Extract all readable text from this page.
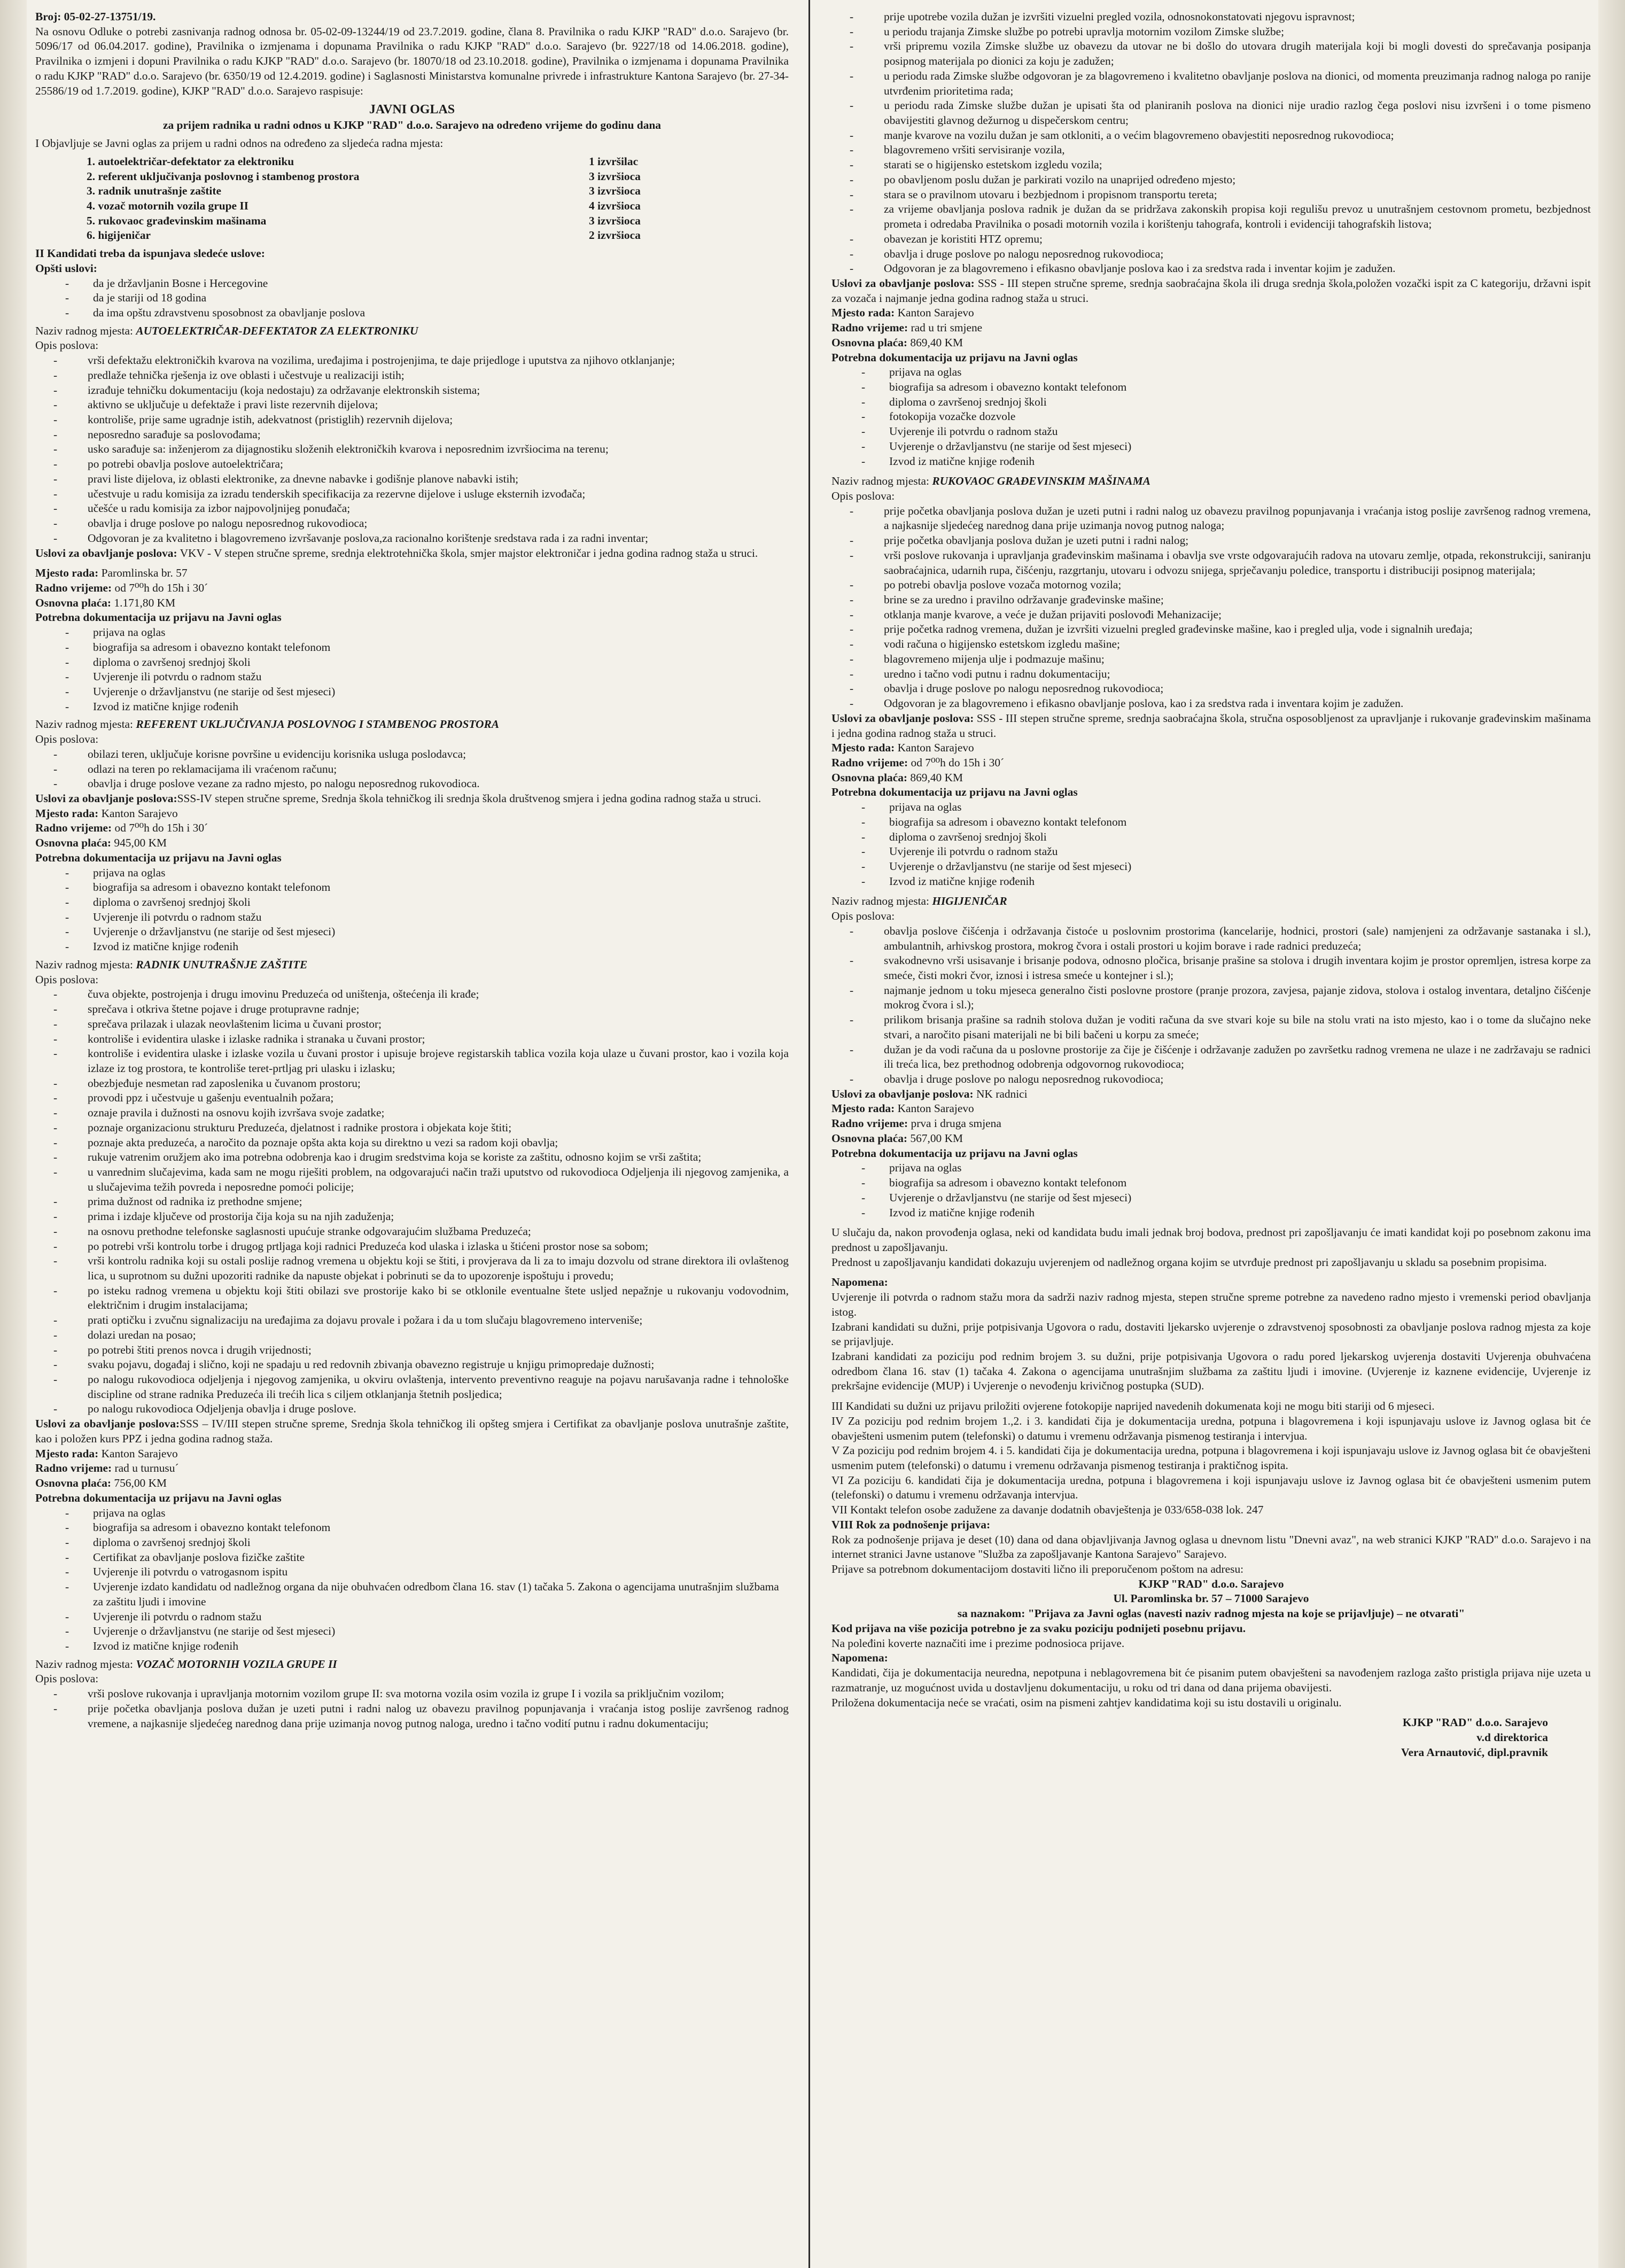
Broj: 05-02-27-13751/19.

Na osnovu Odluke o potrebi zasnivanja radnog odnosa br. 05-02-09-13244/19 od 23.7.2019. godine, člana 8. Pravilnika o radu KJKP "RAD" d.o.o. Sarajevo (br. 5096/17 od 06.04.2017. godine), Pravilnika o izmjenama i dopunama Pravilnika o radu KJKP "RAD" d.o.o. Sarajevo (br. 9227/18 od 14.06.2018. godine), Pravilnika o izmjeni i dopuni Pravilnika o radu KJKP "RAD" d.o.o. Sarajevo (br. 18070/18 od 23.10.2018. godine), Pravilnika o izmjenama i dopunama Pravilnika o radu KJKP "RAD" d.o.o. Sarajevo (br. 6350/19 od 12.4.2019. godine) i Saglasnosti Ministarstva komunalne privrede i infrastrukture Kantona Sarajevo (br. 27-34-25586/19 od 1.7.2019. godine), KJKP "RAD" d.o.o. Sarajevo raspisuje:

JAVNI OGLAS

za prijem radnika u radni odnos u KJKP "RAD" d.o.o. Sarajevo na određeno vrijeme do godinu dana

I Objavljuje se Javni oglas za prijem u radni odnos na određeno za sljedeća radna mjesta:

1. autoelektričar-defektator za elektroniku	1 izvršilac
2. referent uključivanja poslovnog i stambenog prostora	3 izvršioca
3. radnik unutrašnje zaštite	3 izvršioca
4. vozač motornih vozila grupe II	4 izvršioca
5. rukovaoc građevinskim mašinama	3 izvršioca
6. higijeničar	2 izvršioca

II Kandidati treba da ispunjava sledeće uslove:

Opšti uslovi:

- da je državljanin Bosne i Hercegovine
- da je stariji od 18 godina
- da ima opštu zdravstvenu sposobnost za obavljanje poslova

Naziv radnog mjesta: AUTOELEKTRIČAR-DEFEKTATOR ZA ELEKTRONIKU

Opis poslova:

- vrši defektažu elektroničkih kvarova na vozilima, uređajima i postrojenjima, te daje prijedloge i uputstva za njihovo otklanjanje;
- predlaže tehnička rješenja iz ove oblasti i učestvuje u realizaciji istih;
- izrađuje tehničku dokumentaciju (koja nedostaju) za održavanje elektronskih sistema;
- aktivno se uključuje u defektaže i pravi liste rezervnih dijelova;
- kontroliše, prije same ugradnje istih, adekvatnost (pristiglih) rezervnih dijelova;
- neposredno sarađuje sa poslovođama;
- usko sarađuje sa: inženjerom za dijagnostiku složenih elektroničkih kvarova i neposrednim izvršiocima na terenu;
- po potrebi obavlja poslove autoelektričara;
- pravi liste dijelova, iz oblasti elektronike, za dnevne nabavke i godišnje planove nabavki istih;
- učestvuje u radu komisija za izradu tenderskih specifikacija za rezervne dijelove i usluge eksternih izvođača;
- učešće u radu komisija za izbor najpovoljnijeg ponuđača;
- obavlja i druge poslove po nalogu neposrednog rukovodioca;
- Odgovoran je za kvalitetno i blagovremeno izvršavanje poslova,za racionalno korištenje sredstava rada i za radni inventar;

Uslovi za obavljanje poslova: VKV - V stepen stručne spreme, srednja elektrotehnička škola, smjer majstor elektroničar i jedna godina radnog staža u struci.

Mjesto rada: Paromlinska br. 57

Radno vrijeme: od 7⁰⁰h do 15h i 30´

Osnovna plaća: 1.171,80 KM

Potrebna dokumentacija uz prijavu na Javni oglas

- prijava na oglas
- biografija sa adresom i obavezno kontakt telefonom
- diploma o završenoj srednjoj školi
- Uvjerenje ili potvrdu o radnom stažu
- Uvjerenje o državljanstvu (ne starije od šest mjeseci)
- Izvod iz matične knjige rođenih

Naziv radnog mjesta: REFERENT UKLJUČIVANJA POSLOVNOG I STAMBENOG PROSTORA

Opis poslova:

- obilazi teren, uključuje korisne površine u evidenciju korisnika usluga poslodavca;
- odlazi na teren po reklamacijama ili vraćenom računu;
- obavlja i druge poslove vezane za radno mjesto, po nalogu neposrednog rukovodioca.

Uslovi za obavljanje poslova:SSS-IV stepen stručne spreme, Srednja škola tehničkog ili srednja škola društvenog smjera i jedna godina radnog staža u struci.

Mjesto rada: Kanton Sarajevo

Radno vrijeme: od 7⁰⁰h do 15h i 30´

Osnovna plaća: 945,00 KM

Potrebna dokumentacija uz prijavu na Javni oglas

- prijava na oglas
- biografija sa adresom i obavezno kontakt telefonom
- diploma o završenoj srednjoj školi
- Uvjerenje ili potvrdu o radnom stažu
- Uvjerenje o državljanstvu (ne starije od šest mjeseci)
- Izvod iz matične knjige rođenih

Naziv radnog mjesta: RADNIK UNUTRAŠNJE ZAŠTITE

Opis poslova:

- čuva objekte, postrojenja i drugu imovinu Preduzeća od uništenja, oštećenja ili krađe;
- sprečava i otkriva štetne pojave i druge protupravne radnje;
- sprečava prilazak i ulazak neovlaštenim licima u čuvani prostor;
- kontroliše i evidentira ulaske i izlaske radnika i stranaka u čuvani prostor;
- kontroliše i evidentira ulaske i izlaske vozila u čuvani prostor i upisuje brojeve registarskih tablica vozila koja ulaze u čuvani prostor, kao i vozila koja izlaze iz tog prostora, te kontroliše teret-prtljag pri ulasku i izlasku;
- obezbjeđuje nesmetan rad zaposlenika u čuvanom prostoru;
- provodi ppz i učestvuje u gašenju eventualnih požara;
- oznaje pravila i dužnosti na osnovu kojih izvršava svoje zadatke;
- poznaje organizacionu strukturu Preduzeća, djelatnost i radnike prostora i objekata koje štiti;
- poznaje akta preduzeća, a naročito da poznaje opšta akta koja su direktno u vezi sa radom koji obavlja;
- rukuje vatrenim oružjem ako ima potrebna odobrenja kao i drugim sredstvima koja se koriste za zaštitu, odnosno kojim se vrši zaštita;
- u vanrednim slučajevima, kada sam ne mogu riješiti problem, na odgovarajući način traži uputstvo od rukovodioca Odjeljenja ili njegovog zamjenika, a u slučajevima težih povreda i neposredne pomoći policije;
- prima dužnost od radnika iz prethodne smjene;
- prima i izdaje ključeve od prostorija čija koja su na njih zaduženja;
- na osnovu prethodne telefonske saglasnosti upućuje stranke odgovarajućim službama Preduzeća;
- po potrebi vrši kontrolu torbe i drugog prtljaga koji radnici Preduzeća kod ulaska i izlaska u štićeni prostor nose sa sobom;
- vrši kontrolu radnika koji su ostali poslije radnog vremena u objektu koji se štiti, i provjerava da li za to imaju dozvolu od strane direktora ili ovlaštenog lica, u suprotnom su dužni upozoriti radnike da napuste objekat i pobrinuti se da to upozorenje ispoštuju i provedu;
- po isteku radnog vremena u objektu koji štiti obilazi sve prostorije kako bi se otklonile eventualne štete usljed nepažnje u rukovanju vodovodnim, električnim i drugim instalacijama;
- prati optičku i zvučnu signalizaciju na uređajima za dojavu provale i požara i da u tom slučaju blagovremeno interveniše;
- dolazi uredan na posao;
- po potrebi štiti prenos novca i drugih vrijednosti;
- svaku pojavu, događaj i slično, koji ne spadaju u red redovnih zbivanja obavezno registruje u knjigu primopredaje dužnosti;
- po nalogu rukovodioca odjeljenja i njegovog zamjenika, u okviru ovlaštenja, intervento preventivno reaguje na pojavu narušavanja radne i tehnološke discipline od strane radnika Preduzeća ili trećih lica s ciljem otklanjanja štetnih posljedica;
- po nalogu rukovodioca Odjeljenja obavlja i druge poslove.

Uslovi za obavljanje poslova:SSS – IV/III stepen stručne spreme, Srednja škola tehničkog ili opšteg smjera i Certifikat za obavljanje poslova unutrašnje zaštite, kao i položen kurs PPZ i jedna godina radnog staža.

Mjesto rada: Kanton Sarajevo

Radno vrijeme: rad u turnusu´

Osnovna plaća: 756,00 KM

Potrebna dokumentacija uz prijavu na Javni oglas

- prijava na oglas
- biografija sa adresom i obavezno kontakt telefonom
- diploma o završenoj srednjoj školi
- Certifikat za obavljanje poslova fizičke zaštite
- Uvjerenje ili potvrdu o vatrogasnom ispitu
- Uvjerenje izdato kandidatu od nadležnog organa da nije obuhvaćen odredbom člana 16. stav (1) tačaka 5. Zakona o agencijama unutrašnjim službama za zaštitu ljudi i imovine
- Uvjerenje ili potvrdu o radnom stažu
- Uvjerenje o državljanstvu (ne starije od šest mjeseci)
- Izvod iz matične knjige rođenih

Naziv radnog mjesta: VOZAČ MOTORNIH VOZILA GRUPE II

Opis poslova:

- vrši poslove rukovanja i upravljanja motornim vozilom grupe II: sva motorna vozila osim vozila iz grupe I i vozila sa priključnim vozilom;
- prije početka obavljanja poslova dužan je uzeti putni i radni nalog uz obavezu pravilnog popunjavanja i vraćanja istog poslije završenog radnog vremene, a najkasnije sljedećeg narednog dana prije uzimanja novog putnog naloga, uredno i tačno vodití putnu i radnu dokumentaciju;
- prije upotrebe vozila dužan je izvršiti vizuelni pregled vozila, odnosnokonstatovati njegovu ispravnost;
- u periodu trajanja Zimske službe po potrebi upravlja motornim vozilom Zimske službe;
- vrši pripremu vozila Zimske službe uz obavezu da utovar ne bi došlo do utovara drugih materijala koji bi mogli dovesti do sprečavanja posipanja posipnog materijala po dionici za koju je zadužen;
- u periodu rada Zimske službe odgovoran je za blagovremeno i kvalitetno obavljanje poslova na dionici, od momenta preuzimanja radnog naloga po ranije utvrđenim prioritetima rada;
- u periodu rada Zimske službe dužan je upisati šta od planiranih poslova na dionici nije uradio razlog čega poslovi nisu izvršeni i o tome pismeno obavijestiti glavnog dežurnog u dispečerskom centru;
- manje kvarove na vozilu dužan je sam otkloniti, a o većim blagovremeno obavjestiti neposrednog rukovodioca;
- blagovremeno vršiti servisiranje vozila,
- starati se o higijensko estetskom izgledu vozila;
- po obavljenom poslu dužan je parkirati vozilo na unaprijed određeno mjesto;
- stara se o pravilnom utovaru i bezbjednom i propisnom transportu tereta;
- za vrijeme obavljanja poslova radnik je dužan da se pridržava zakonskih propisa koji regulišu prevoz u unutrašnjem cestovnom prometu, bezbjednost prometa i odredaba Pravilnika o posadi motornih vozila i korištenju tahografa, kontroli i evidenciji tahografskih listova;
- obavezan je koristiti HTZ opremu;
- obavlja i druge poslove po nalogu neposrednog rukovodioca;
- Odgovoran je za blagovremeno i efikasno obavljanje poslova kao i za sredstva rada i inventar kojim je zadužen.

Uslovi za obavljanje poslova: SSS - III stepen stručne spreme, srednja saobraćajna škola ili druga srednja škola,položen vozački ispit za C kategoriju, državni ispit za vozača i najmanje jedna godina radnog staža u struci.

Mjesto rada: Kanton Sarajevo

Radno vrijeme: rad u tri smjene

Osnovna plaća: 869,40 KM

Potrebna dokumentacija uz prijavu na Javni oglas

- prijava na oglas
- biografija sa adresom i obavezno kontakt telefonom
- diploma o završenoj srednjoj školi
- fotokopija vozačke dozvole
- Uvjerenje ili potvrdu o radnom stažu
- Uvjerenje o državljanstvu (ne starije od šest mjeseci)
- Izvod iz matične knjige rođenih

Naziv radnog mjesta: RUKOVAOC GRAĐEVINSKIM MAŠINAMA

Opis poslova:

- prije početka obavljanja poslova dužan je uzeti putni i radni nalog uz obavezu pravilnog popunjavanja i vraćanja istog poslije završenog radnog vremena, a najkasnije sljedećeg narednog dana prije uzimanja novog putnog naloga;
- prije početka obavljanja poslova dužan je uzeti putni i radni nalog;
- vrši poslove rukovanja i upravljanja građevinskim mašinama i obavlja sve vrste odgovarajućih radova na utovaru zemlje, otpada, rekonstrukciji, saniranju saobraćajnica, udarnih rupa, čišćenju, razgrtanju, utovaru i odvozu snijega, sprječavanju poledice, transportu i distribuciji posipnog materijala;
- po potrebi obavlja poslove vozača motornog vozila;
- brine se za uredno i pravilno održavanje građevinske mašine;
- otklanja manje kvarove, a veće je dužan prijaviti poslovođi Mehanizacije;
- prije početka radnog vremena, dužan je izvršiti vizuelni pregled građevinske mašine, kao i pregled ulja, vode i signalnih uređaja;
- vodi računa o higijensko estetskom izgledu mašine;
- blagovremeno mijenja ulje i podmazuje mašinu;
- uredno i tačno vodi putnu i radnu dokumentaciju;
- obavlja i druge poslove po nalogu neposrednog rukovodioca;
- Odgovoran je za blagovremeno i efikasno obavljanje poslova, kao i za sredstva rada i inventara kojim je zadužen.

Uslovi za obavljanje poslova: SSS - III stepen stručne spreme, srednja saobraćajna škola, stručna osposobljenost za upravljanje i rukovanje građevinskim mašinama i jedna godina radnog staža u struci.

Mjesto rada: Kanton Sarajevo

Radno vrijeme: od 7⁰⁰h do 15h i 30´

Osnovna plaća: 869,40 KM

Potrebna dokumentacija uz prijavu na Javni oglas

- prijava na oglas
- biografija sa adresom i obavezno kontakt telefonom
- diploma o završenoj srednjoj školi
- Uvjerenje ili potvrdu o radnom stažu
- Uvjerenje o državljanstvu (ne starije od šest mjeseci)
- Izvod iz matične knjige rođenih

Naziv radnog mjesta: HIGIJENIČAR

Opis poslova:

- obavlja poslove čišćenja i održavanja čistoće u poslovnim prostorima (kancelarije, hodnici, prostori (sale) namjenjeni za održavanje sastanaka i sl.), ambulantnih, arhivskog prostora, mokrog čvora i ostali prostori u kojim borave i rade radnici preduzeća;
- svakodnevno vrši usisavanje i brisanje podova, odnosno pločica, brisanje prašine sa stolova i drugih inventara kojim je prostor opremljen, istresa korpe za smeće, čisti mokri čvor, iznosi i istresa smeće u kontejner i sl.);
- najmanje jednom u toku mjeseca generalno čisti poslovne prostore (pranje prozora, zavjesa, pajanje zidova, stolova i ostalog inventara, detaljno čišćenje mokrog čvora i sl.);
- prilikom brisanja prašine sa radnih stolova dužan je voditi računa da sve stvari koje su bile na stolu vrati na isto mjesto, kao i o tome da slučajno neke stvari, a naročito pisani materijali ne bi bili bačeni u korpu za smeće;
- dužan je da vodi računa da u poslovne prostorije za čije je čišćenje i održavanje zadužen po završetku radnog vremena ne ulaze i ne zadržavaju se radnici ili treća lica, bez prethodnog odobrenja odgovornog rukovodioca;
- obavlja i druge poslove po nalogu neposrednog rukovodioca;

Uslovi za obavljanje poslova: NK radnici

Mjesto rada: Kanton Sarajevo

Radno vrijeme: prva i druga smjena

Osnovna plaća: 567,00 KM

Potrebna dokumentacija uz prijavu na Javni oglas

- prijava na oglas
- biografija sa adresom i obavezno kontakt telefonom
- Uvjerenje o državljanstvu (ne starije od šest mjeseci)
- Izvod iz matične knjige rođenih

U slučaju da, nakon provođenja oglasa, neki od kandidata budu imali jednak broj bodova, prednost pri zapošljavanju će imati kandidat koji po posebnom zakonu ima prednost u zapošljavanju.

Prednost u zapošljavanju kandidati dokazuju uvjerenjem od nadležnog organa kojim se utvrđuje prednost pri zapošljavanju u skladu sa posebnim propisima.

Napomena:

Uvjerenje ili potvrda o radnom stažu mora da sadrži naziv radnog mjesta, stepen stručne spreme potrebne za navedeno radno mjesto i vremenski period obavljanja istog.

Izabrani kandidati su dužni, prije potpisivanja Ugovora o radu, dostaviti ljekarsko uvjerenje o zdravstvenoj sposobnosti za obavljanje poslova radnog mjesta za koje se prijavljuje.

Izabrani kandidati za poziciju pod rednim brojem 3. su dužni, prije potpisivanja Ugovora o radu pored ljekarskog uvjerenja dostaviti Uvjerenja obuhvaćena odredbom člana 16. stav (1) tačaka 4. Zakona o agencijama unutrašnjim službama za zaštitu ljudi i imovine. (Uvjerenje iz kaznene evidencije, Uvjerenje iz prekršajne evidencije (MUP) i Uvjerenje o nevođenju krivičnog postupka (SUD).

III Kandidati su dužni uz prijavu priložiti ovjerene fotokopije naprijed navedenih dokumenata koji ne mogu biti stariji od 6 mjeseci.

IV Za poziciju pod rednim brojem 1.,2. i 3. kandidati čija je dokumentacija uredna, potpuna i blagovremena i koji ispunjavaju uslove iz Javnog oglasa bit će obavješteni usmenim putem (telefonski) o datumu i vremenu održavanja pismenog testiranja i intervjua.

V Za poziciju pod rednim brojem 4. i 5. kandidati čija je dokumentacija uredna, potpuna i blagovremena i koji ispunjavaju uslove iz Javnog oglasa bit će obavješteni usmenim putem (telefonski) o datumu i vremenu održavanja pismenog testiranja i praktičnog ispita.

VI Za poziciju 6. kandidati čija je dokumentacija uredna, potpuna i blagovremena i koji ispunjavaju uslove iz Javnog oglasa bit će obavješteni usmenim putem (telefonski) o datumu i vremenu održavanja intervjua.

VII Kontakt telefon osobe zadužene za davanje dodatnih obavještenja je 033/658-038 lok. 247

VIII Rok za podnošenje prijava:

Rok za podnošenje prijava je deset (10) dana od dana objavljivanja Javnog oglasa u dnevnom listu "Dnevni avaz", na web stranici KJKP "RAD" d.o.o. Sarajevo i na internet stranici Javne ustanove "Služba za zapošljavanje Kantona Sarajevo" Sarajevo.

Prijave sa potrebnom dokumentacijom dostaviti lično ili preporučenom poštom na adresu:

KJKP "RAD" d.o.o. Sarajevo

Ul. Paromlinska br. 57 – 71000 Sarajevo

sa naznakom: "Prijava za Javni oglas (navesti naziv radnog mjesta na koje se prijavljuje) – ne otvarati"

Kod prijava na više pozicija potrebno je za svaku poziciju podnijeti posebnu prijavu.

Na poleđini koverte naznačiti ime i prezime podnosioca prijave.

Napomena:

Kandidati, čija je dokumentacija neuredna, nepotpuna i neblagovremena bit će pisanim putem obavješteni sa navođenjem razloga zašto pristigla prijava nije uzeta u razmatranje, uz mogućnost uvida u dostavljenu dokumentaciju, u roku od tri dana od dana prijema obavijesti.

Priložena dokumentacija neće se vraćati, osim na pismeni zahtjev kandidatima koji su istu dostavili u originalu.

KJKP "RAD" d.o.o. Sarajevo

v.d direktorica

Vera Arnautović, dipl.pravnik
